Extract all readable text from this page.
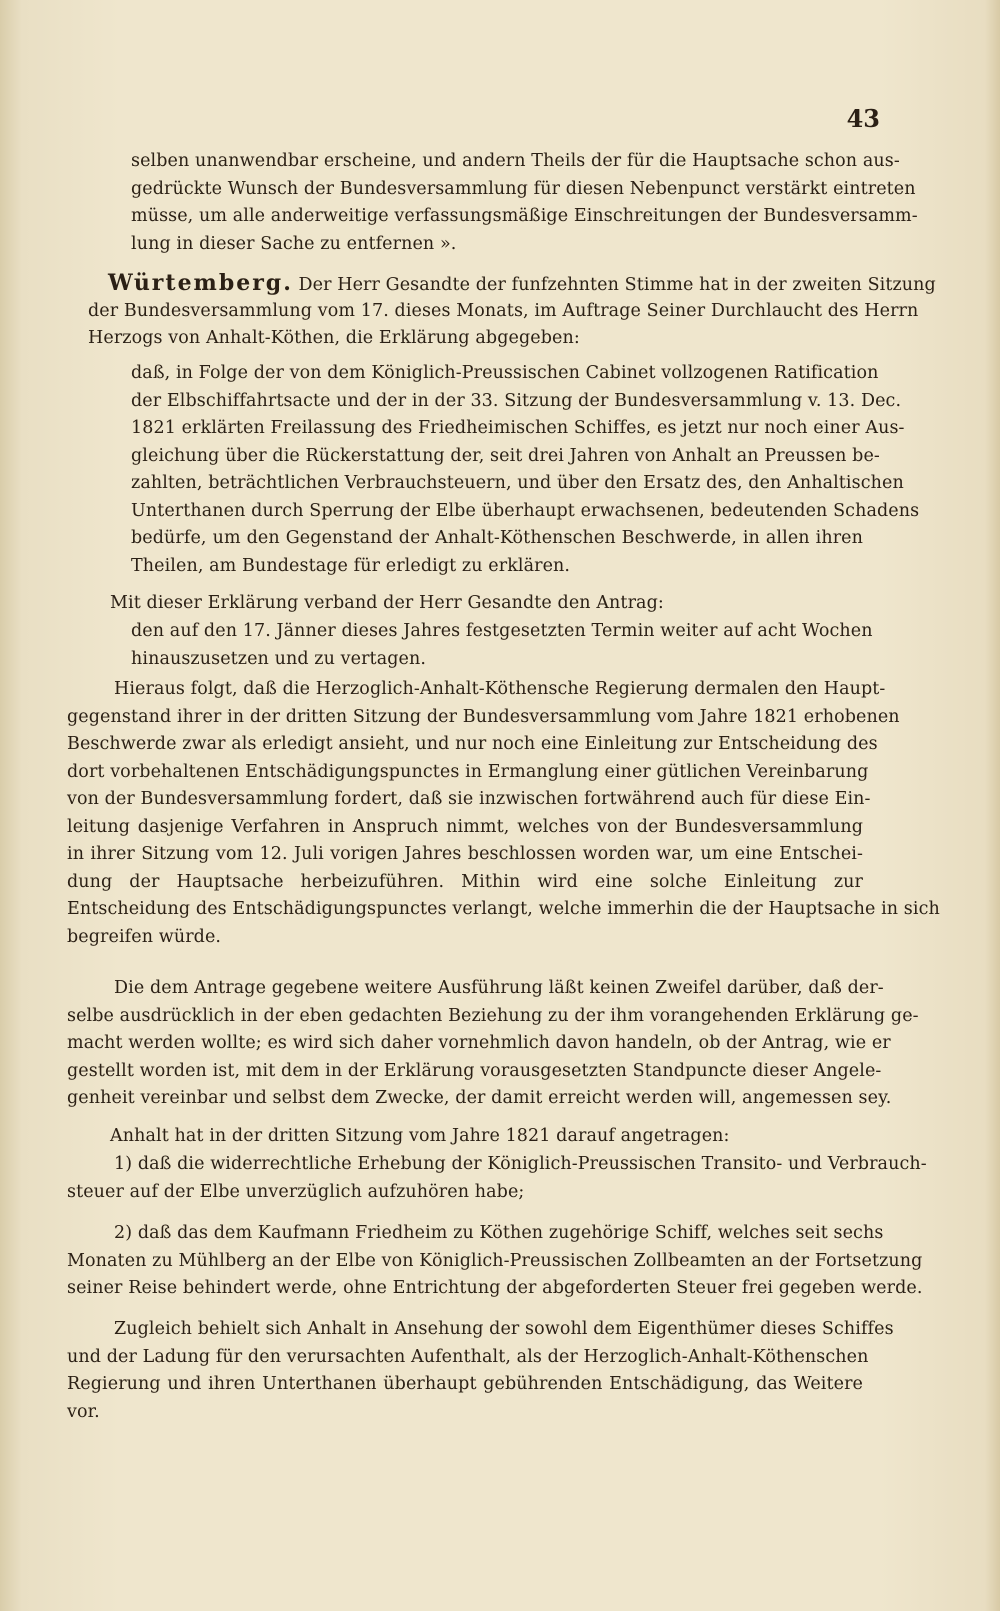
43
selben unanwendbar erscheine, und andern Theils der für die Hauptsache schon aus-
gedrückte Wunsch der Bundesversammlung für diesen Nebenpunct verstärkt eintreten
müsse, um alle anderweitige verfassungsmäßige Einschreitungen der Bundesversamm-
lung in dieser Sache zu entfernen ».
Würtemberg. Der Herr Gesandte der funfzehnten Stimme hat in der zweiten Sitzung
der Bundesversammlung vom 17. dieses Monats, im Auftrage Seiner Durchlaucht des Herrn
Herzogs von Anhalt-Köthen, die Erklärung abgegeben:
daß, in Folge der von dem Königlich-Preussischen Cabinet vollzogenen Ratification
der Elbschiffahrtsacte und der in der 33. Sitzung der Bundesversammlung v. 13. Dec.
1821 erklärten Freilassung des Friedheimischen Schiffes, es jetzt nur noch einer Aus-
gleichung über die Rückerstattung der, seit drei Jahren von Anhalt an Preussen be-
zahlten, beträchtlichen Verbrauchsteuern, und über den Ersatz des, den Anhaltischen
Unterthanen durch Sperrung der Elbe überhaupt erwachsenen, bedeutenden Schadens
bedürfe, um den Gegenstand der Anhalt-Köthenschen Beschwerde, in allen ihren
Theilen, am Bundestage für erledigt zu erklären.
Mit dieser Erklärung verband der Herr Gesandte den Antrag:
den auf den 17. Jänner dieses Jahres festgesetzten Termin weiter auf acht Wochen
hinauszusetzen und zu vertagen.
Hieraus folgt, daß die Herzoglich-Anhalt-Köthensche Regierung dermalen den Haupt-
gegenstand ihrer in der dritten Sitzung der Bundesversammlung vom Jahre 1821 erhobenen
Beschwerde zwar als erledigt ansieht, und nur noch eine Einleitung zur Entscheidung des
dort vorbehaltenen Entschädigungspunctes in Ermanglung einer gütlichen Vereinbarung
von der Bundesversammlung fordert, daß sie inzwischen fortwährend auch für diese Ein-
leitung dasjenige Verfahren in Anspruch nimmt, welches von der Bundesversammlung
in ihrer Sitzung vom 12. Juli vorigen Jahres beschlossen worden war, um eine Entschei-
dung der Hauptsache herbeizuführen. Mithin wird eine solche Einleitung zur
Entscheidung des Entschädigungspunctes verlangt, welche immerhin die der Hauptsache in sich
begreifen würde.
Die dem Antrage gegebene weitere Ausführung läßt keinen Zweifel darüber, daß der-
selbe ausdrücklich in der eben gedachten Beziehung zu der ihm vorangehenden Erklärung ge-
macht werden wollte; es wird sich daher vornehmlich davon handeln, ob der Antrag, wie er
gestellt worden ist, mit dem in der Erklärung vorausgesetzten Standpuncte dieser Angele-
genheit vereinbar und selbst dem Zwecke, der damit erreicht werden will, angemessen sey.
Anhalt hat in der dritten Sitzung vom Jahre 1821 darauf angetragen:
1) daß die widerrechtliche Erhebung der Königlich-Preussischen Transito- und Verbrauch-
steuer auf der Elbe unverzüglich aufzuhören habe;
2) daß das dem Kaufmann Friedheim zu Köthen zugehörige Schiff, welches seit sechs
Monaten zu Mühlberg an der Elbe von Königlich-Preussischen Zollbeamten an der Fortsetzung
seiner Reise behindert werde, ohne Entrichtung der abgeforderten Steuer frei gegeben werde.
Zugleich behielt sich Anhalt in Ansehung der sowohl dem Eigenthümer dieses Schiffes
und der Ladung für den verursachten Aufenthalt, als der Herzoglich-Anhalt-Köthenschen
Regierung und ihren Unterthanen überhaupt gebührenden Entschädigung, das Weitere
vor.
